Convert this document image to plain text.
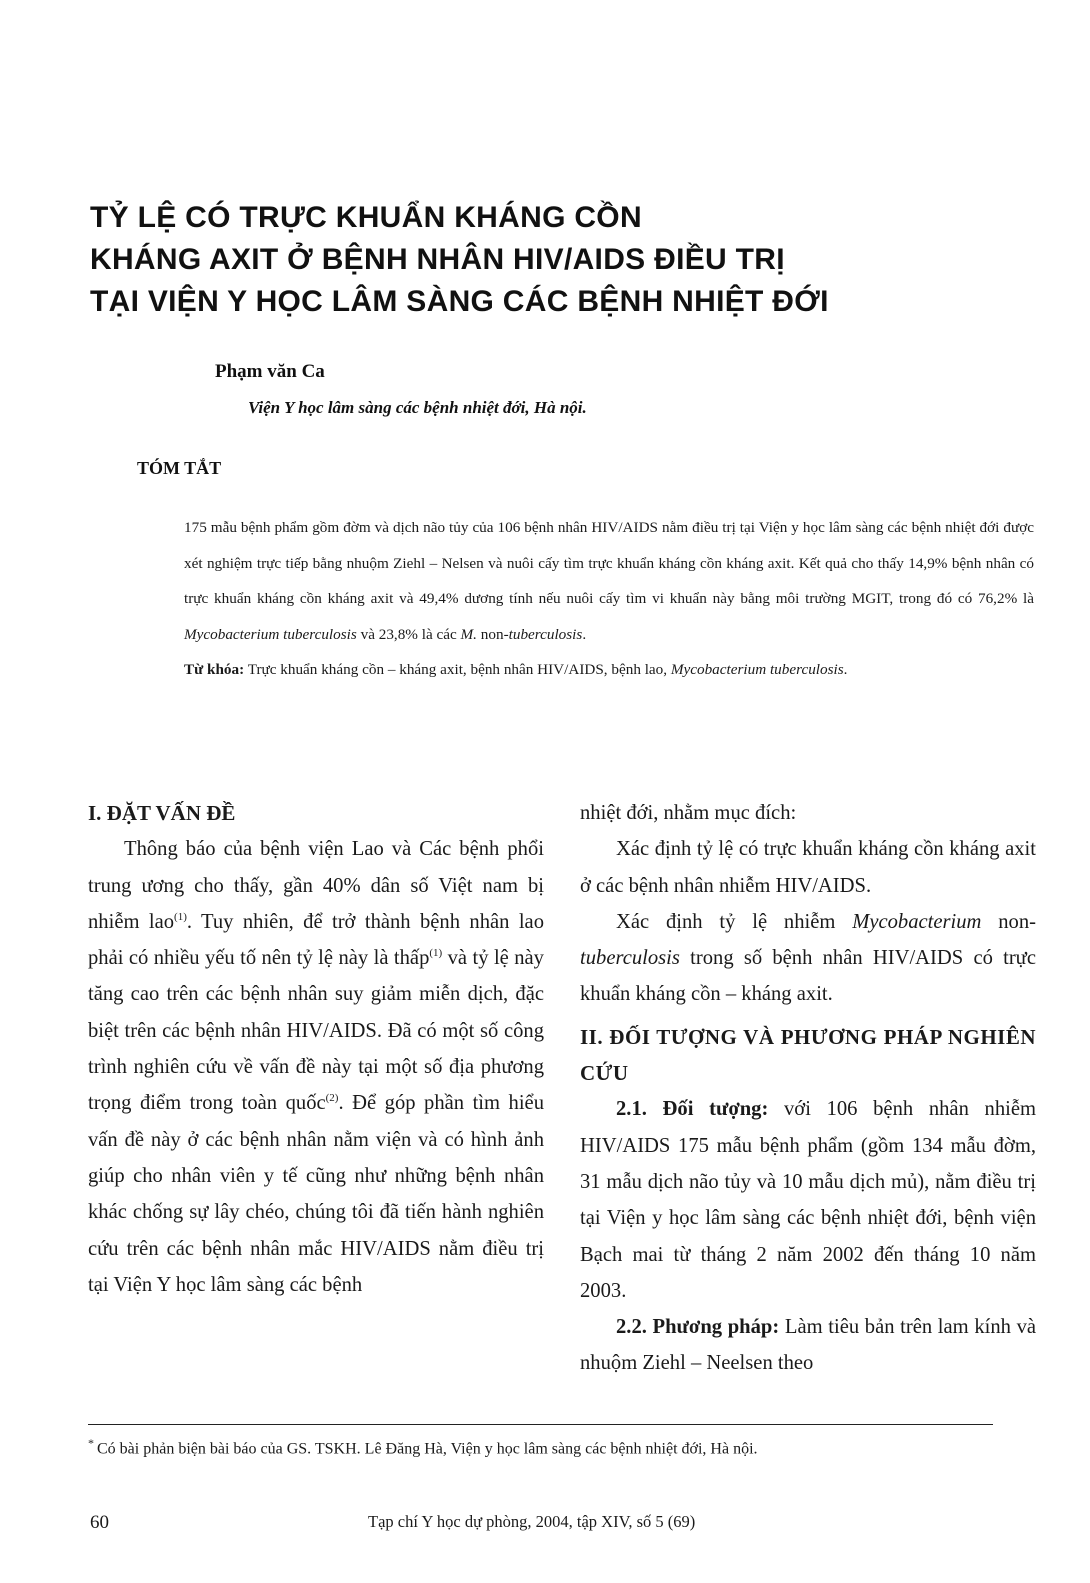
TỶ LỆ CÓ TRỰC KHUẨN KHÁNG CỒN
KHÁNG AXIT Ở BỆNH NHÂN HIV/AIDS ĐIỀU TRỊ
TẠI VIỆN Y HỌC LÂM SÀNG CÁC BỆNH NHIỆT ĐỚI
Phạm văn Ca
Viện Y học lâm sàng các bệnh nhiệt đới, Hà nội.
TÓM TẮT

175 mẫu bệnh phẩm gồm đờm và dịch não tủy của 106 bệnh nhân HIV/AIDS nằm điều trị tại Viện y học lâm sàng các bệnh nhiệt đới được xét nghiệm trực tiếp bằng nhuộm Ziehl – Nelsen và nuôi cấy tìm trực khuẩn kháng cồn kháng axit. Kết quả cho thấy 14,9% bệnh nhân có trực khuẩn kháng cồn kháng axit và 49,4% dương tính nếu nuôi cấy tìm vi khuẩn này bằng môi trường MGIT, trong đó có 76,2% là Mycobacterium tuberculosis và 23,8% là các M. non-tuberculosis.

Từ khóa: Trực khuẩn kháng cồn – kháng axit, bệnh nhân HIV/AIDS, bệnh lao, Mycobacterium tuberculosis.

I. ĐẶT VẤN ĐỀ

Thông báo của bệnh viện Lao và Các bệnh phổi trung ương cho thấy, gần 40% dân số Việt nam bị nhiễm lao$^{(1)}$. Tuy nhiên, để trở thành bệnh nhân lao phải có nhiều yếu tố nên tỷ lệ này là thấp$^{(1)}$ và tỷ lệ này tăng cao trên các bệnh nhân suy giảm miễn dịch, đặc biệt trên các bệnh nhân HIV/AIDS. Đã có một số công trình nghiên cứu về vấn đề này tại một số địa phương trọng điểm trong toàn quốc$^{(2)}$. Để góp phần tìm hiểu vấn đề này ở các bệnh nhân nằm viện và có hình ảnh giúp cho nhân viên y tế cũng như những bệnh nhân khác chống sự lây chéo, chúng tôi đã tiến hành nghiên cứu trên các bệnh nhân mắc HIV/AIDS nằm điều trị tại Viện Y học lâm sàng các bệnh

nhiệt đới, nhằm mục đích:

Xác định tỷ lệ có trực khuẩn kháng cồn kháng axit ở các bệnh nhân nhiễm HIV/AIDS.

Xác định tỷ lệ nhiễm Mycobacterium non-tuberculosis trong số bệnh nhân HIV/AIDS có trực khuẩn kháng cồn – kháng axit.

II. ĐỐI TƯỢNG VÀ PHƯƠNG PHÁP NGHIÊN CỨU

2.1. Đối tượng: với 106 bệnh nhân nhiễm HIV/AIDS 175 mẫu bệnh phẩm (gồm 134 mẫu đờm, 31 mẫu dịch não tủy và 10 mẫu dịch mủ), nằm điều trị tại Viện y học lâm sàng các bệnh nhiệt đới, bệnh viện Bạch mai từ tháng 2 năm 2002 đến tháng 10 năm 2003.

2.2. Phương pháp: Làm tiêu bản trên lam kính và nhuộm Ziehl – Neelsen theo

* Có bài phản biện bài báo của GS. TSKH. Lê Đăng Hà, Viện y học lâm sàng các bệnh nhiệt đới, Hà nội.
60	Tạp chí Y học dự phòng, 2004, tập XIV, số 5 (69)
